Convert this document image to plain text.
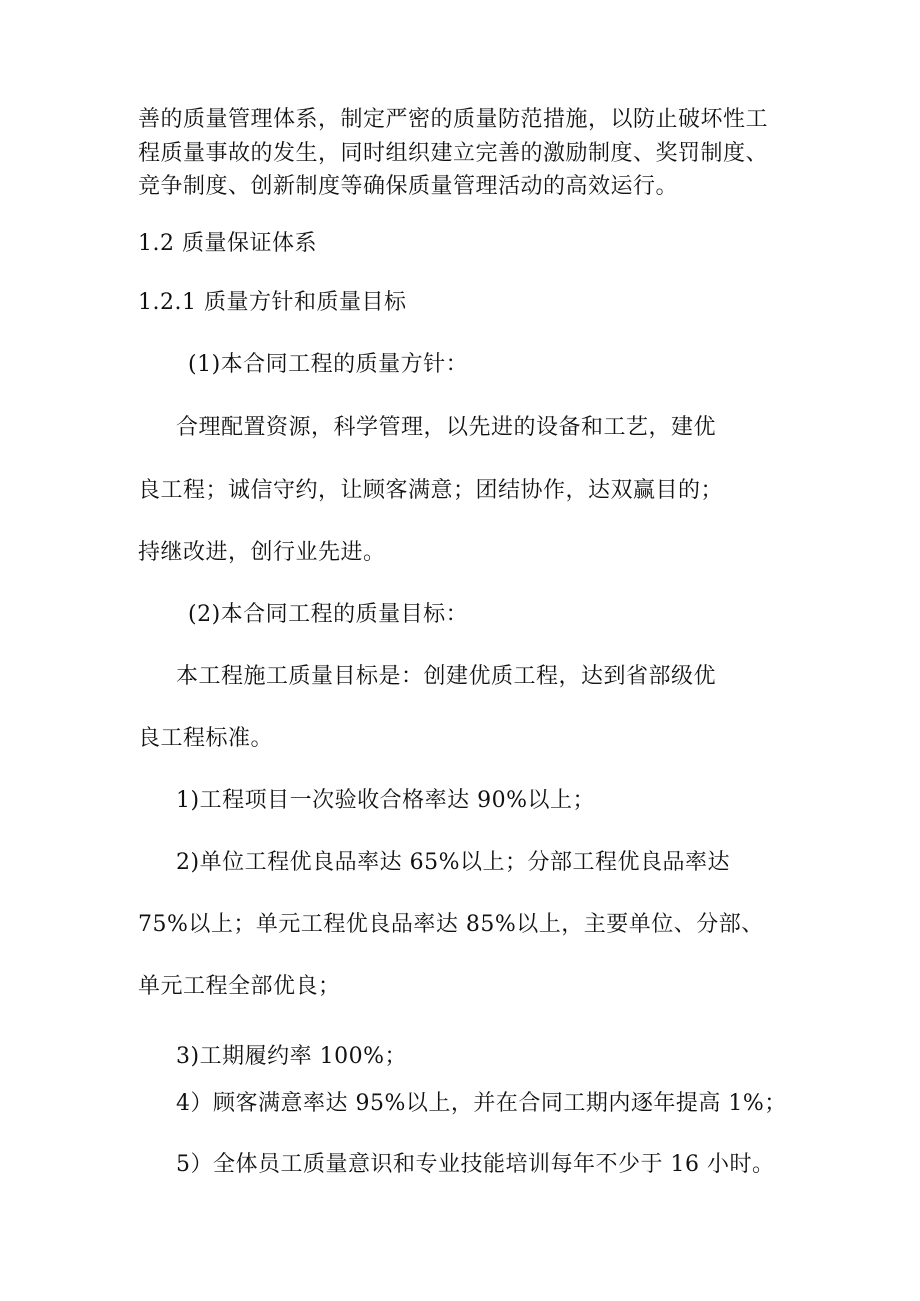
善的质量管理体系，制定严密的质量防范措施，以防止破坏性工
程质量事故的发生，同时组织建立完善的激励制度、奖罚制度、
竞争制度、创新制度等确保质量管理活动的高效运行。
1.2 质量保证体系
1.2.1 质量方针和质量目标
(1)本合同工程的质量方针：
合理配置资源，科学管理，以先进的设备和工艺，建优
良工程；诚信守约，让顾客满意；团结协作，达双赢目的；
持继改进，创行业先进。
(2)本合同工程的质量目标：
本工程施工质量目标是：创建优质工程，达到省部级优
良工程标准。
1)工程项目一次验收合格率达 90%以上；
2)单位工程优良品率达 65%以上；分部工程优良品率达
75%以上；单元工程优良品率达 85%以上，主要单位、分部、
单元工程全部优良；
3)工期履约率 100%；
4）顾客满意率达 95%以上，并在合同工期内逐年提高 1%；
5）全体员工质量意识和专业技能培训每年不少于 16 小时。
